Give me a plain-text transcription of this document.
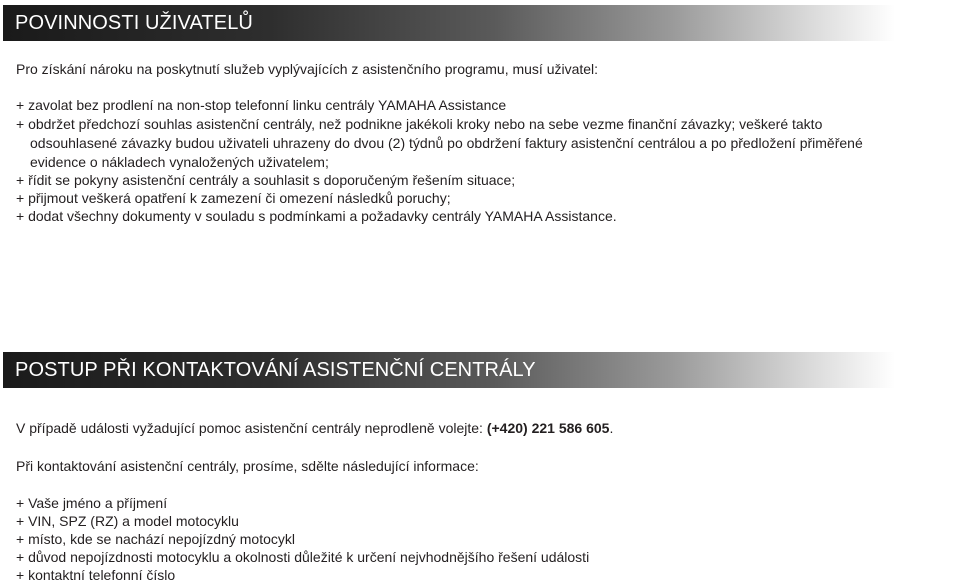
POVINNOSTI UŽIVATELŮ
Pro získání nároku na poskytnutí služeb vyplývajících z asistenčního programu, musí uživatel:
+ zavolat bez prodlení na non-stop telefonní linku centrály YAMAHA Assistance
+ obdržet předchozí souhlas asistenční centrály, než podnikne jakékoli kroky nebo na sebe vezme finanční závazky; veškeré takto
odsouhlasené závazky budou uživateli uhrazeny do dvou (2) týdnů po obdržení faktury asistenční centrálou a po předložení přiměřené
evidence o nákladech vynaložených uživatelem;
+ řídit se pokyny asistenční centrály a souhlasit s doporučeným řešením situace;
+ přijmout veškerá opatření k zamezení či omezení následků poruchy;
+ dodat všechny dokumenty v souladu s podmínkami a požadavky centrály YAMAHA Assistance.
POSTUP PŘI KONTAKTOVÁNÍ ASISTENČNÍ CENTRÁLY
V případě události vyžadující pomoc asistenční centrály neprodleně volejte: (+420) 221 586 605.
Při kontaktování asistenční centrály, prosíme, sdělte následující informace:
+ Vaše jméno a příjmení
+ VIN, SPZ (RZ) a model motocyklu
+ místo, kde se nachází nepojízdný motocykl
+ důvod nepojízdnosti motocyklu a okolnosti důležité k určení nejvhodnějšího řešení události
+ kontaktní telefonní číslo
